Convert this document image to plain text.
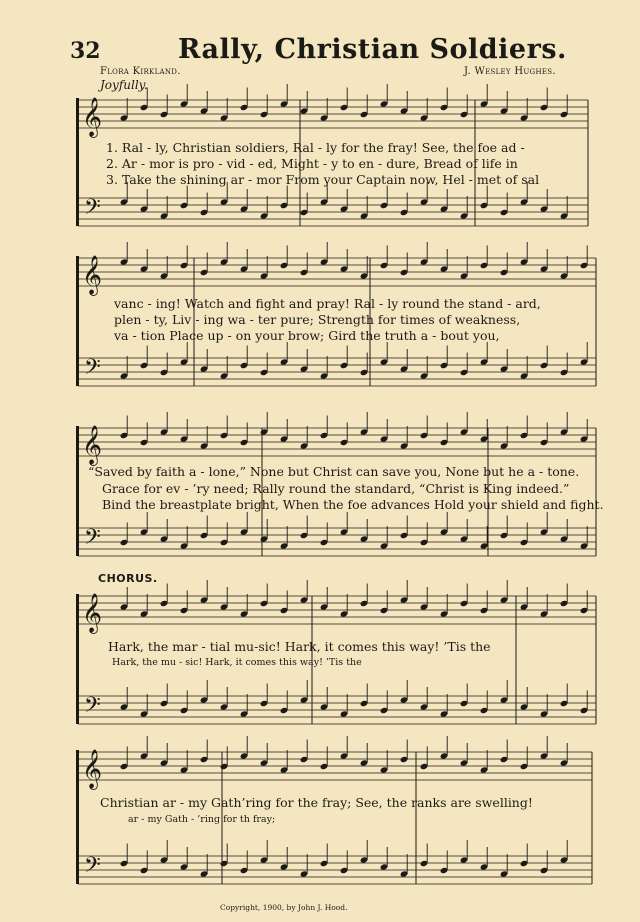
32	Rally, Christian Soldiers.
Flora Kirkland.	J. Wesley Hughes.
Joyfully.
𝄞
𝄢
𝄞
𝄢
𝄞
𝄢
𝄞
𝄢
𝄞
𝄢
1. Ral - ly, Christian soldiers, Ral - ly for the fray! See, the foe ad -
2. Ar - mor is pro - vid - ed, Might - y to en - dure, Bread of life in
3. Take the shining ar - mor From your Captain now, Hel - met of sal
vanc - ing! Watch and fight and pray! Ral - ly round the stand - ard,
plen - ty, Liv - ing wa - ter pure; Strength for times of weakness,
va - tion Place up - on your brow; Gird the truth a - bout you,
“Saved by faith a - lone,” None but Christ can save you, None but he a - tone.
Grace for ev - ’ry need; Rally round the standard, “Christ is King indeed.”
Bind the breastplate bright, When the foe advances Hold your shield and fight.
CHORUS.
Hark, the mar - tial mu-sic! Hark, it comes this way! ’Tis the
Hark, the mu - sic! Hark, it comes this way! ’Tis the
Christian ar - my Gath’ring for the fray; See, the ranks are swelling!
ar - my Gath - ’ring for th fray;
Copyright, 1900, by John J. Hood.
